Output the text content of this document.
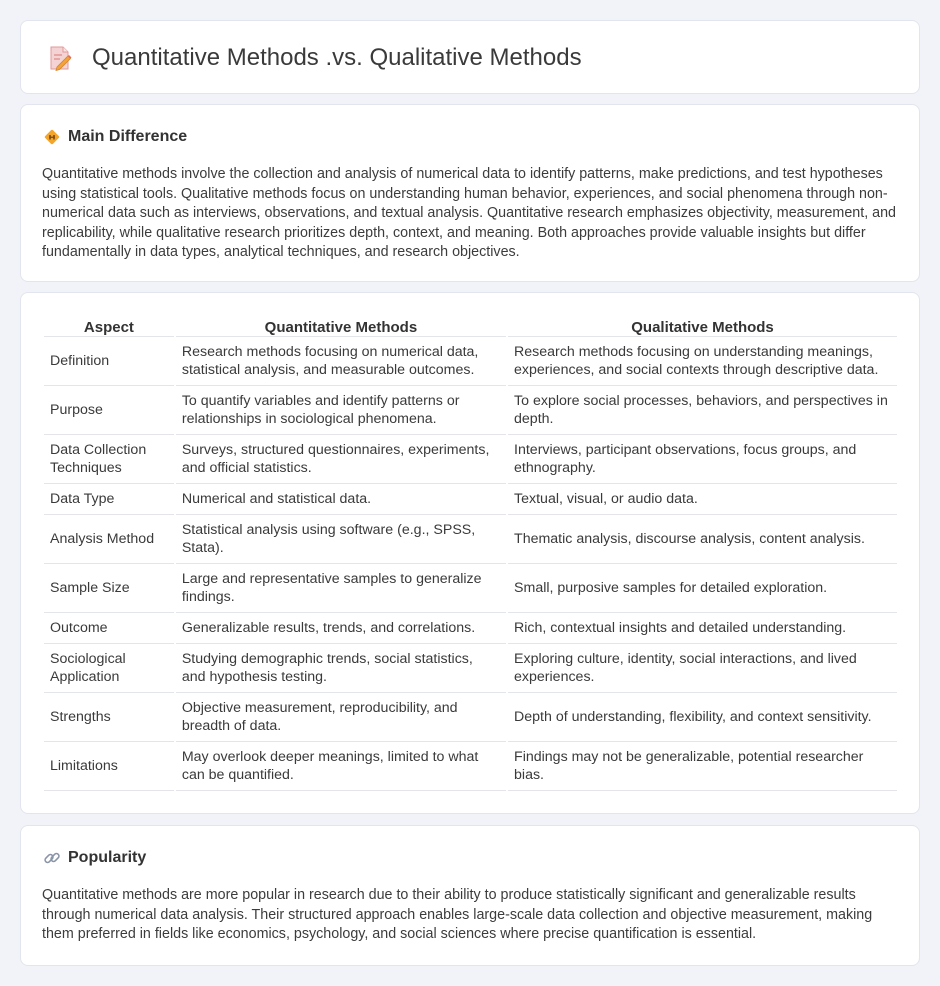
Quantitative Methods .vs. Qualitative Methods
Main Difference

Quantitative methods involve the collection and analysis of numerical data to identify patterns, make predictions, and test hypotheses using statistical tools. Qualitative methods focus on understanding human behavior, experiences, and social phenomena through non-numerical data such as interviews, observations, and textual analysis. Quantitative research emphasizes objectivity, measurement, and replicability, while qualitative research prioritizes depth, context, and meaning. Both approaches provide valuable insights but differ fundamentally in data types, analytical techniques, and research objectives.

Aspect	Quantitative Methods	Qualitative Methods
Definition	Research methods focusing on numerical data, statistical analysis, and measurable outcomes.	Research methods focusing on understanding meanings, experiences, and social contexts through descriptive data.
Purpose	To quantify variables and identify patterns or relationships in sociological phenomena.	To explore social processes, behaviors, and perspectives in depth.
Data Collection Techniques	Surveys, structured questionnaires, experiments, and official statistics.	Interviews, participant observations, focus groups, and ethnography.
Data Type	Numerical and statistical data.	Textual, visual, or audio data.
Analysis Method	Statistical analysis using software (e.g., SPSS, Stata).	Thematic analysis, discourse analysis, content analysis.
Sample Size	Large and representative samples to generalize findings.	Small, purposive samples for detailed exploration.
Outcome	Generalizable results, trends, and correlations.	Rich, contextual insights and detailed understanding.
Sociological Application	Studying demographic trends, social statistics, and hypothesis testing.	Exploring culture, identity, social interactions, and lived experiences.
Strengths	Objective measurement, reproducibility, and breadth of data.	Depth of understanding, flexibility, and context sensitivity.
Limitations	May overlook deeper meanings, limited to what can be quantified.	Findings may not be generalizable, potential researcher bias.
Popularity

Quantitative methods are more popular in research due to their ability to produce statistically significant and generalizable results through numerical data analysis. Their structured approach enables large-scale data collection and objective measurement, making them preferred in fields like economics, psychology, and social sciences where precise quantification is essential.
